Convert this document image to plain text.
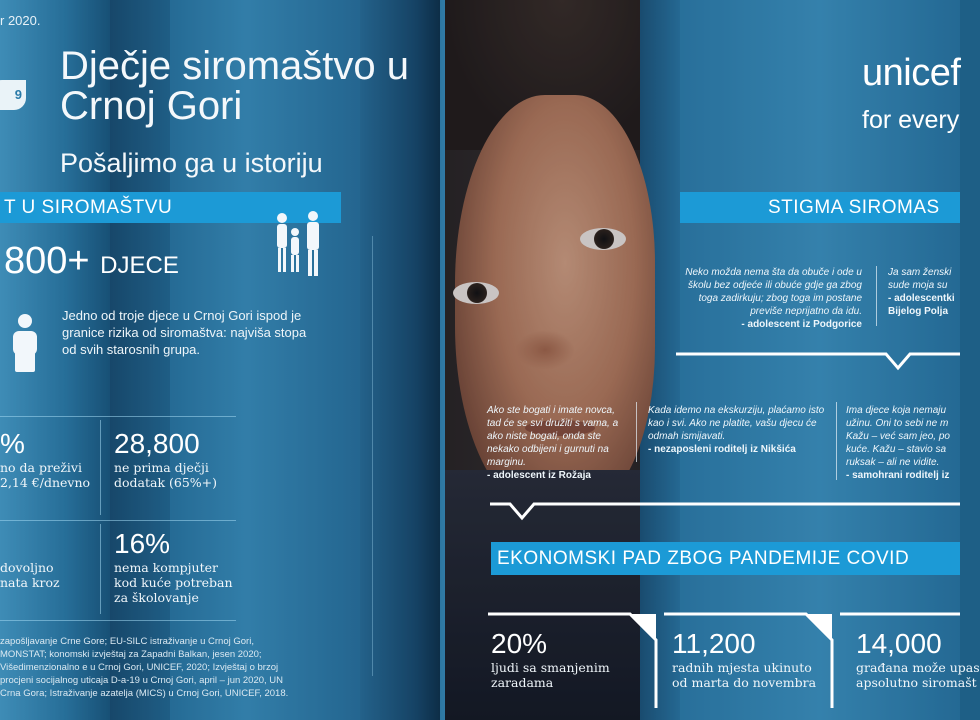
r 2020.
9
Dječje siromaštvo u
Crnoj Gori
Pošaljimo ga u istoriju
unicef
for every
T U SIROMAŠTVU
800+ DJECE
Jedno od troje djece u Crnoj Gori ispod je granice rizika od siromaštva: najviša stopa od svih starosnih grupa.
%
no da preživi
2,14 €/dnevno
28,800
ne prima dječji
dodatak (65%+)
dovoljno
nata kroz
16%
nema kompjuter
kod kuće potreban
za školovanje
zapošljavanje Crne Gore; EU-SILC istraživanje u Crnoj Gori, MONSTAT; konomski izvještaj za Zapadni Balkan, jesen 2020; Višedimenzionalno e u Crnoj Gori, UNICEF, 2020; Izvještaj o brzoj procjeni socijalnog uticaja D-a-19 u Crnoj Gori, april – jun 2020, UN Crna Gora; Istraživanje azatelja (MICS) u Crnoj Gori, UNICEF, 2018.
STIGMA SIROMAS
Neko možda nema šta da obuče i ode u školu bez odjeće ili obuće gdje ga zbog toga zadirkuju; zbog toga im postane previše neprijatno da idu.
- adolescent iz Podgorice
Ja sam ženski sude moja su
- adolescentki Bijelog Polja
Ako ste bogati i imate novca, tad će se svi družiti s vama, a ako niste bogati, onda ste nekako odbijeni i gurnuti na marginu.
- adolescent iz Rožaja
Kada idemo na ekskurziju, plaćamo isto kao i svi. Ako ne platite, vašu djecu će odmah ismijavati.
- nezaposleni roditelj iz Nikšića
Ima djece koja nemaju užinu. Oni to sebi ne m Kažu – već sam jeo, po kuće. Kažu – stavio sa ruksak – ali ne vidite.
- samohrani roditelj iz
EKONOMSKI PAD ZBOG PANDEMIJE COVID
20%
ljudi sa smanjenim
zaradama
11,200
radnih mjesta ukinuto
od marta do novembra
14,000
građana može upas
apsolutno siromašt
